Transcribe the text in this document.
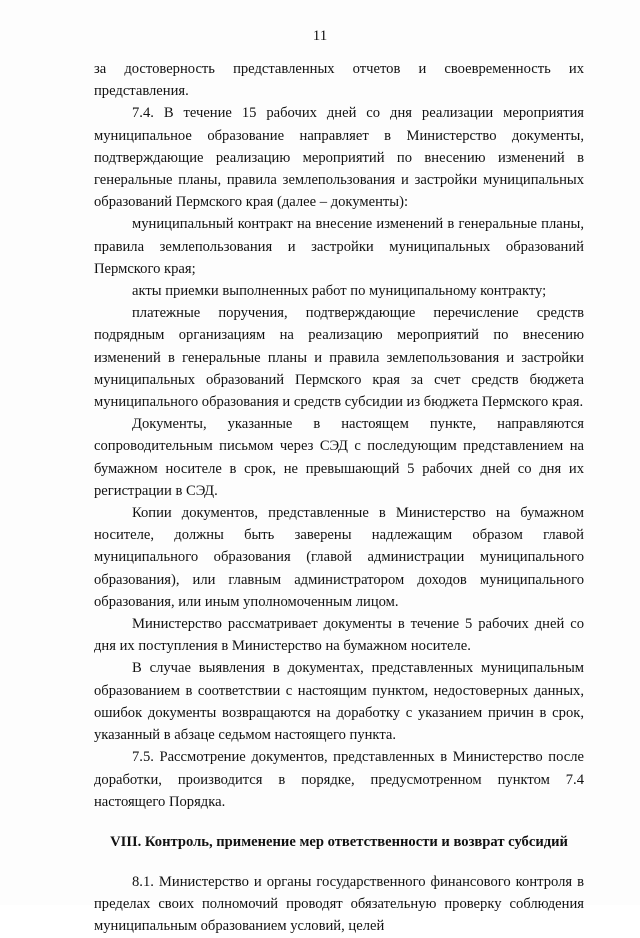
11

за достоверность представленных отчетов и своевременность их представления.

7.4. В течение 15 рабочих дней со дня реализации мероприятия муниципальное образование направляет в Министерство документы, подтверждающие реализацию мероприятий по внесению изменений в генеральные планы, правила землепользования и застройки муниципальных образований Пермского края (далее – документы):

муниципальный контракт на внесение изменений в генеральные планы, правила землепользования и застройки муниципальных образований Пермского края;

акты приемки выполненных работ по муниципальному контракту;

платежные поручения, подтверждающие перечисление средств подрядным организациям на реализацию мероприятий по внесению изменений в генеральные планы и правила землепользования и застройки муниципальных образований Пермского края за счет средств бюджета муниципального образования и средств субсидии из бюджета Пермского края.

Документы, указанные в настоящем пункте, направляются сопроводительным письмом через СЭД с последующим представлением на бумажном носителе в срок, не превышающий 5 рабочих дней со дня их регистрации в СЭД.

Копии документов, представленные в Министерство на бумажном носителе, должны быть заверены надлежащим образом главой муниципального образования (главой администрации муниципального образования), или главным администратором доходов муниципального образования, или иным уполномоченным лицом.

Министерство рассматривает документы в течение 5 рабочих дней со дня их поступления в Министерство на бумажном носителе.

В случае выявления в документах, представленных муниципальным образованием в соответствии с настоящим пунктом, недостоверных данных, ошибок документы возвращаются на доработку с указанием причин в срок, указанный в абзаце седьмом настоящего пункта.

7.5. Рассмотрение документов, представленных в Министерство после доработки, производится в порядке, предусмотренном пунктом 7.4 настоящего Порядка.

VIII. Контроль, применение мер ответственности и возврат субсидий

8.1. Министерство и органы государственного финансового контроля в пределах своих полномочий проводят обязательную проверку соблюдения муниципальным образованием условий, целей
